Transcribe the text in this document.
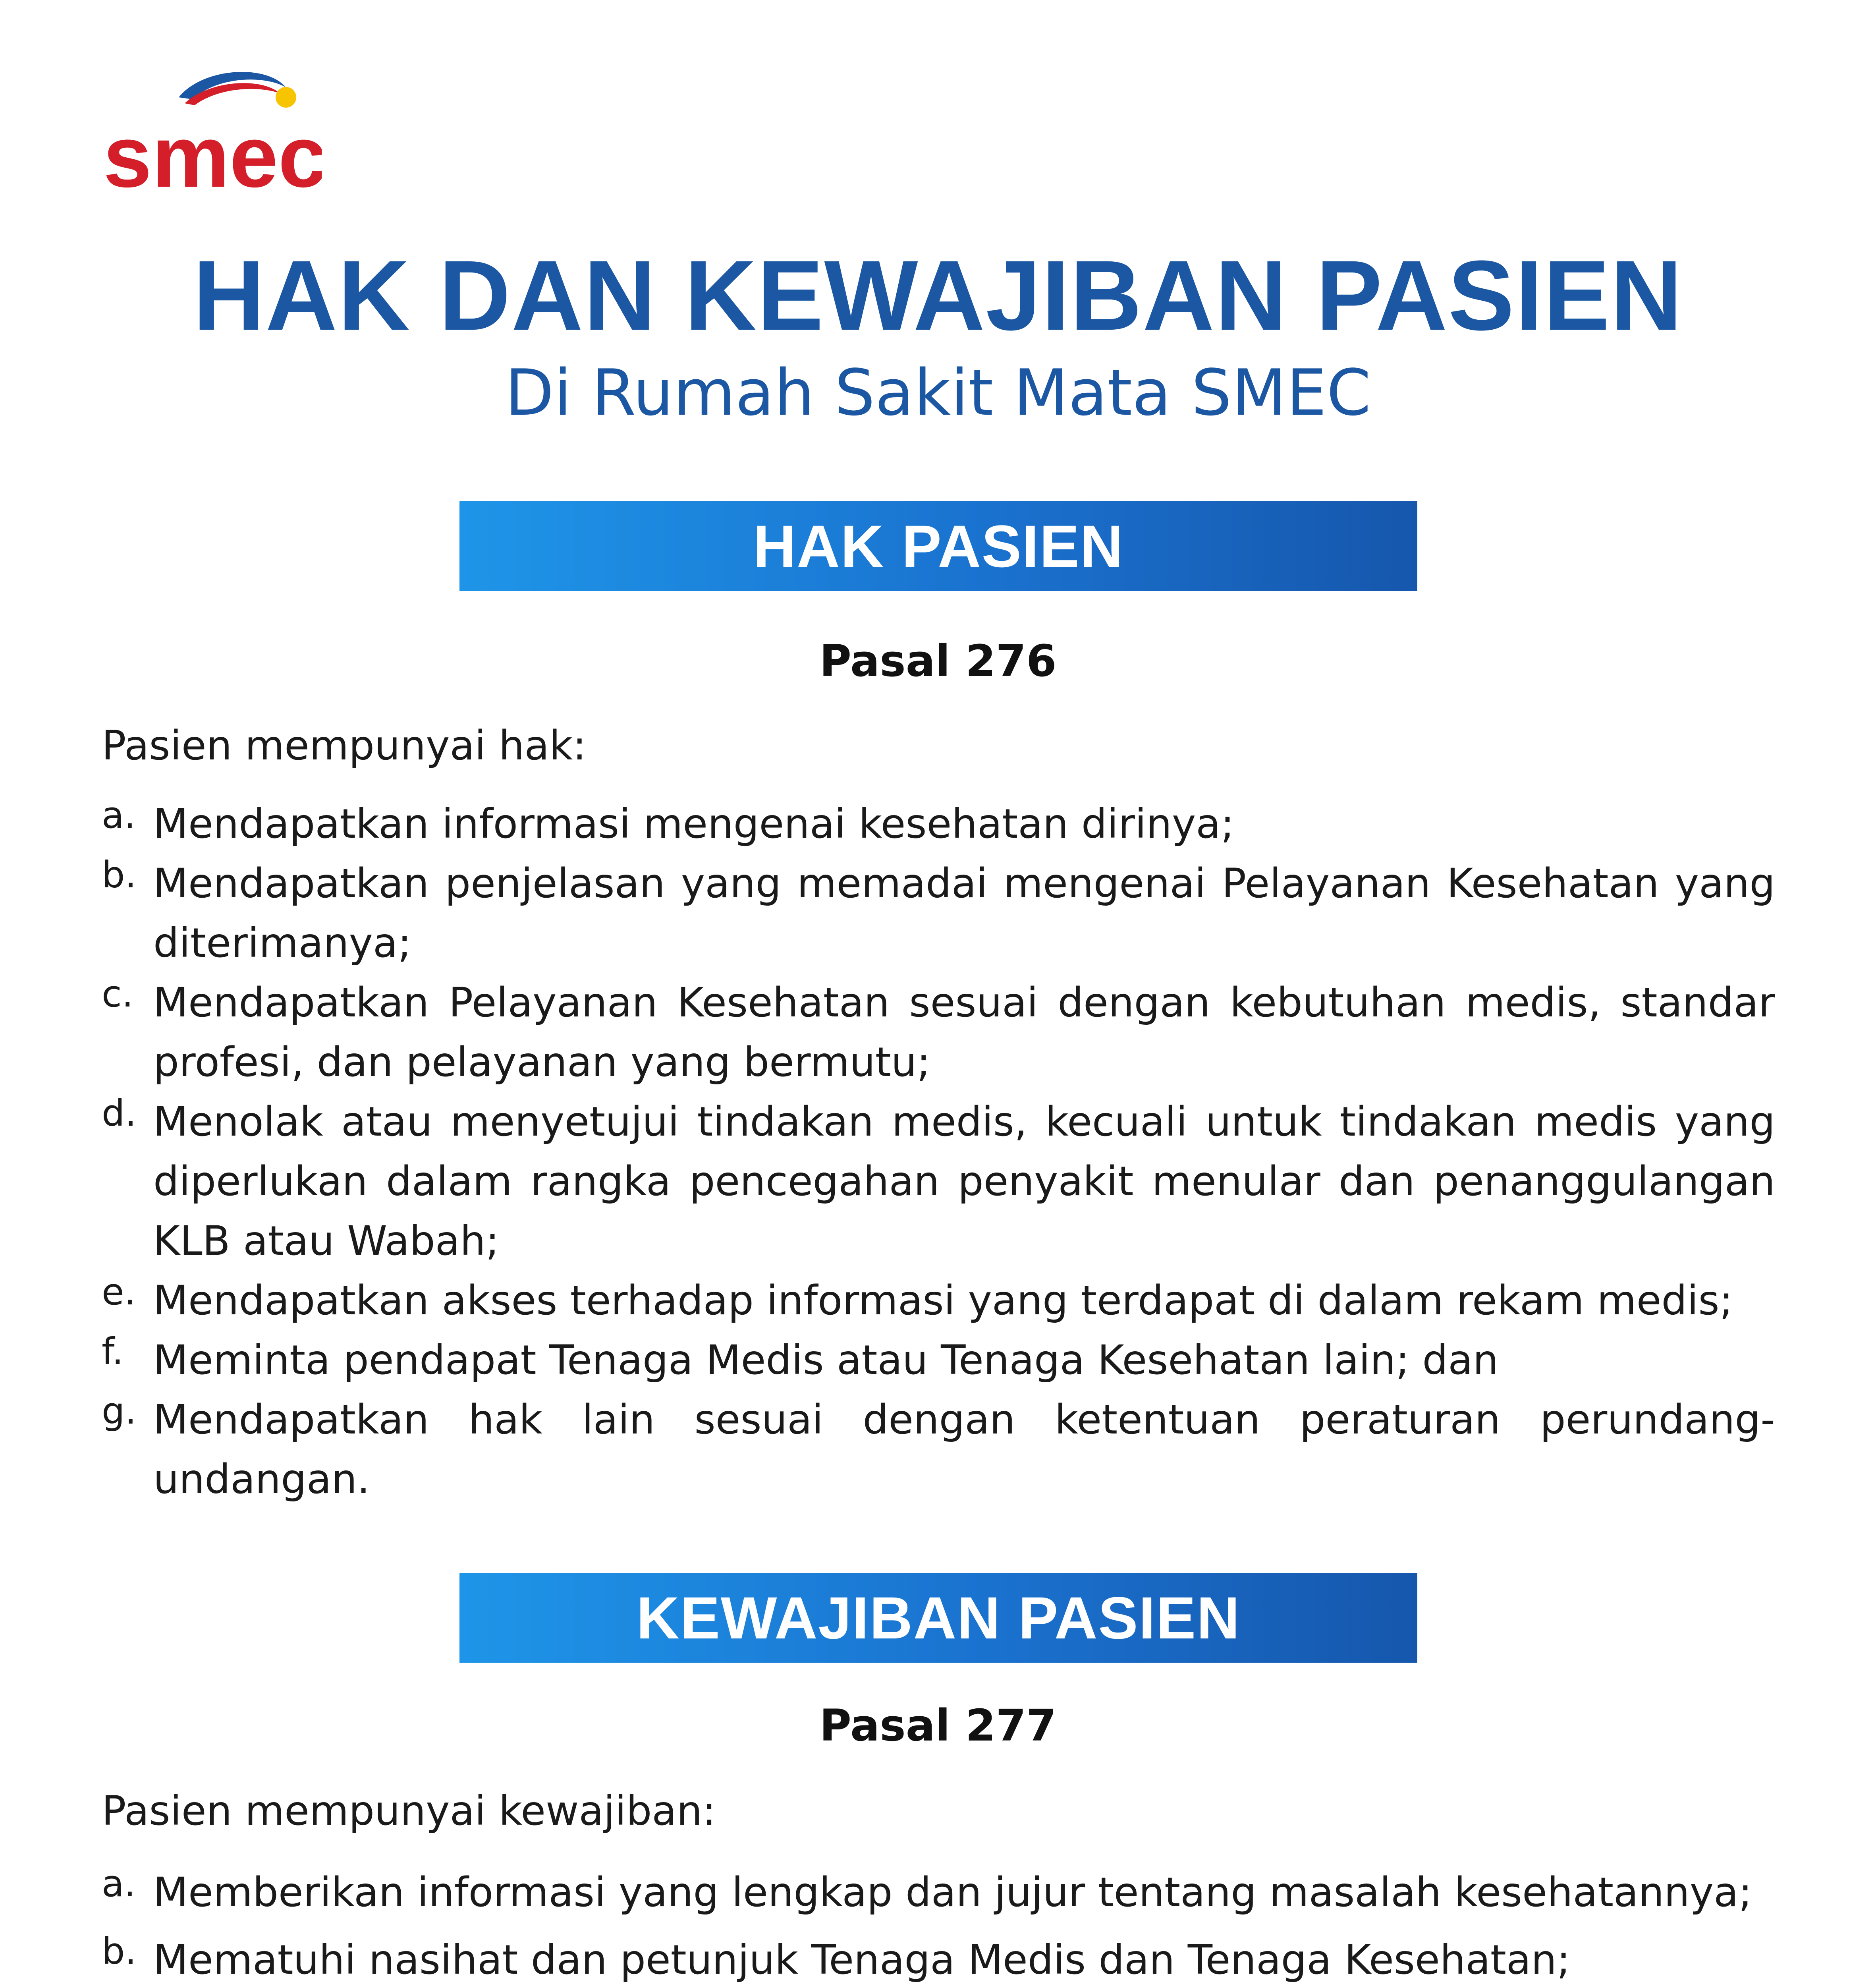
smec
HAK DAN KEWAJIBAN PASIEN
Di Rumah Sakit Mata SMEC
HAK PASIEN
Pasal 276
Pasien mempunyai hak:
a. Mendapatkan informasi mengenai kesehatan dirinya;
b. Mendapatkan penjelasan yang memadai mengenai Pelayanan Kesehatan yang diterimanya;
c. Mendapatkan Pelayanan Kesehatan sesuai dengan kebutuhan medis, standar profesi, dan pelayanan yang bermutu;
d. Menolak atau menyetujui tindakan medis, kecuali untuk tindakan medis yang diperlukan dalam rangka pencegahan penyakit menular dan penanggulangan KLB atau Wabah;
e. Mendapatkan akses terhadap informasi yang terdapat di dalam rekam medis;
f. Meminta pendapat Tenaga Medis atau Tenaga Kesehatan lain; dan
g. Mendapatkan hak lain sesuai dengan ketentuan peraturan perundang-undangan.
KEWAJIBAN PASIEN
Pasal 277
Pasien mempunyai kewajiban:
a. Memberikan informasi yang lengkap dan jujur tentang masalah kesehatannya;
b. Mematuhi nasihat dan petunjuk Tenaga Medis dan Tenaga Kesehatan;
